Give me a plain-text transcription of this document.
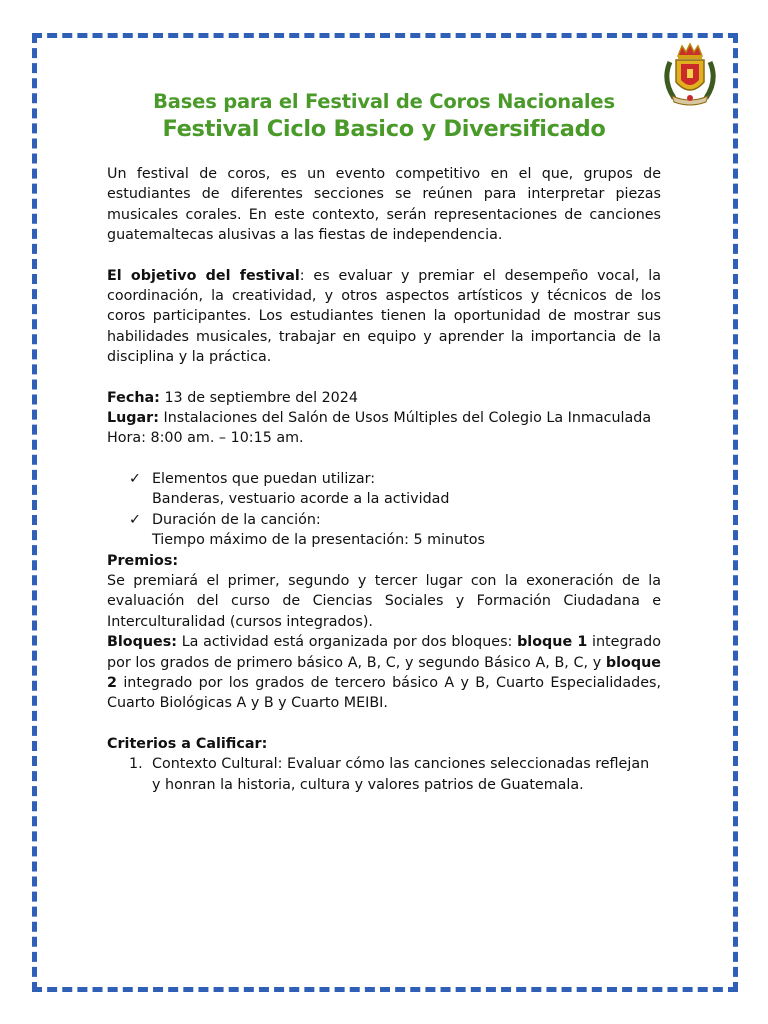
Bases para el Festival de Coros Nacionales
Festival Ciclo Basico y Diversificado

Un festival de coros, es un evento competitivo en el que, grupos de estudiantes de diferentes secciones se reúnen para interpretar piezas musicales corales. En este contexto, serán representaciones de canciones guatemaltecas alusivas a las fiestas de independencia.

El objetivo del festival: es evaluar y premiar el desempeño vocal, la coordinación, la creatividad, y otros aspectos artísticos y técnicos de los coros participantes. Los estudiantes tienen la oportunidad de mostrar sus habilidades musicales, trabajar en equipo y aprender la importancia de la disciplina y la práctica.

Fecha: 13 de septiembre del 2024

Lugar: Instalaciones del Salón de Usos Múltiples del Colegio La Inmaculada

Hora: 8:00 am. – 10:15 am.

✓ Elementos que puedan utilizar:

Banderas, vestuario acorde a la actividad

✓ Duración de la canción:

Tiempo máximo de la presentación: 5 minutos

Premios:

Se premiará el primer, segundo y tercer lugar con la exoneración de la evaluación del curso de Ciencias Sociales y Formación Ciudadana e Interculturalidad (cursos integrados).

Bloques: La actividad está organizada por dos bloques: bloque 1 integrado por los grados de primero básico A, B, C, y segundo Básico A, B, C, y bloque 2 integrado por los grados de tercero básico A y B, Cuarto Especialidades, Cuarto Biológicas A y B y Cuarto MEIBI.

Criterios a Calificar:

1. Contexto Cultural: Evaluar cómo las canciones seleccionadas reflejan y honran la historia, cultura y valores patrios de Guatemala.
